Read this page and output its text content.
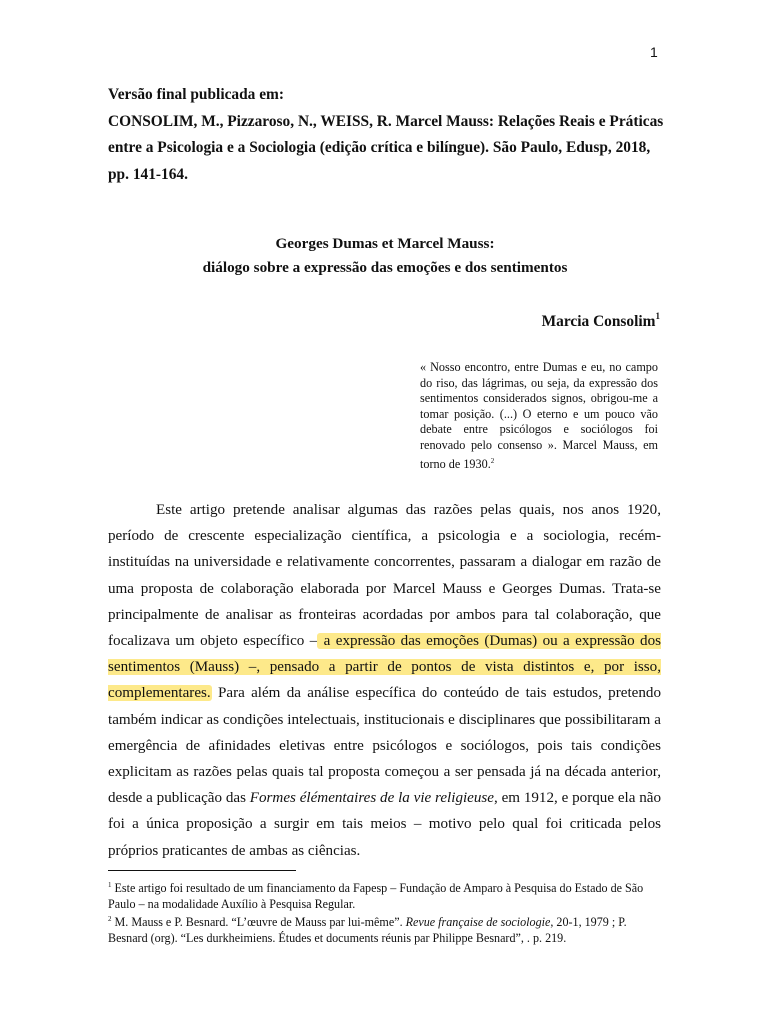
1

Versão final publicada em:

CONSOLIM, M., Pizzaroso, N., WEISS, R. Marcel Mauss: Relações Reais e Práticas entre a Psicologia e a Sociologia (edição crítica e bilíngue). São Paulo, Edusp, 2018, pp. 141-164.

Georges Dumas et Marcel Mauss:

diálogo sobre a expressão das emoções e dos sentimentos

Marcia Consolim$^1$
« Nosso encontro, entre Dumas e eu, no campo do riso, das lágrimas, ou seja, da expressão dos sentimentos considerados signos, obrigou-me a tomar posição. (...) O eterno e um pouco vão debate entre psicólogos e sociólogos foi renovado pelo consenso ». Marcel Mauss, em torno de 1930.$^2$

Este artigo pretende analisar algumas das razões pelas quais, nos anos 1920, período de crescente especialização científica, a psicologia e a sociologia, recém-instituídas na universidade e relativamente concorrentes, passaram a dialogar em razão de uma proposta de colaboração elaborada por Marcel Mauss e Georges Dumas. Trata-se principalmente de analisar as fronteiras acordadas por ambos para tal colaboração, que focalizava um objeto específico – a expressão das emoções (Dumas) ou a expressão dos sentimentos (Mauss) –, pensado a partir de pontos de vista distintos e, por isso, complementares. Para além da análise específica do conteúdo de tais estudos, pretendo também indicar as condições intelectuais, institucionais e disciplinares que possibilitaram a emergência de afinidades eletivas entre psicólogos e sociólogos, pois tais condições explicitam as razões pelas quais tal proposta começou a ser pensada já na década anterior, desde a publicação das Formes élémentaires de la vie religieuse, em 1912, e porque ela não foi a única proposição a surgir em tais meios – motivo pelo qual foi criticada pelos próprios praticantes de ambas as ciências.

$^1$ Este artigo foi resultado de um financiamento da Fapesp – Fundação de Amparo à Pesquisa do Estado de São Paulo – na modalidade Auxílio à Pesquisa Regular.

$^2$ M. Mauss e P. Besnard. “L’œuvre de Mauss par lui-même”. Revue française de sociologie, 20-1, 1979 ; P. Besnard (org). “Les durkheimiens. Études et documents réunis par Philippe Besnard”, . p. 219.
